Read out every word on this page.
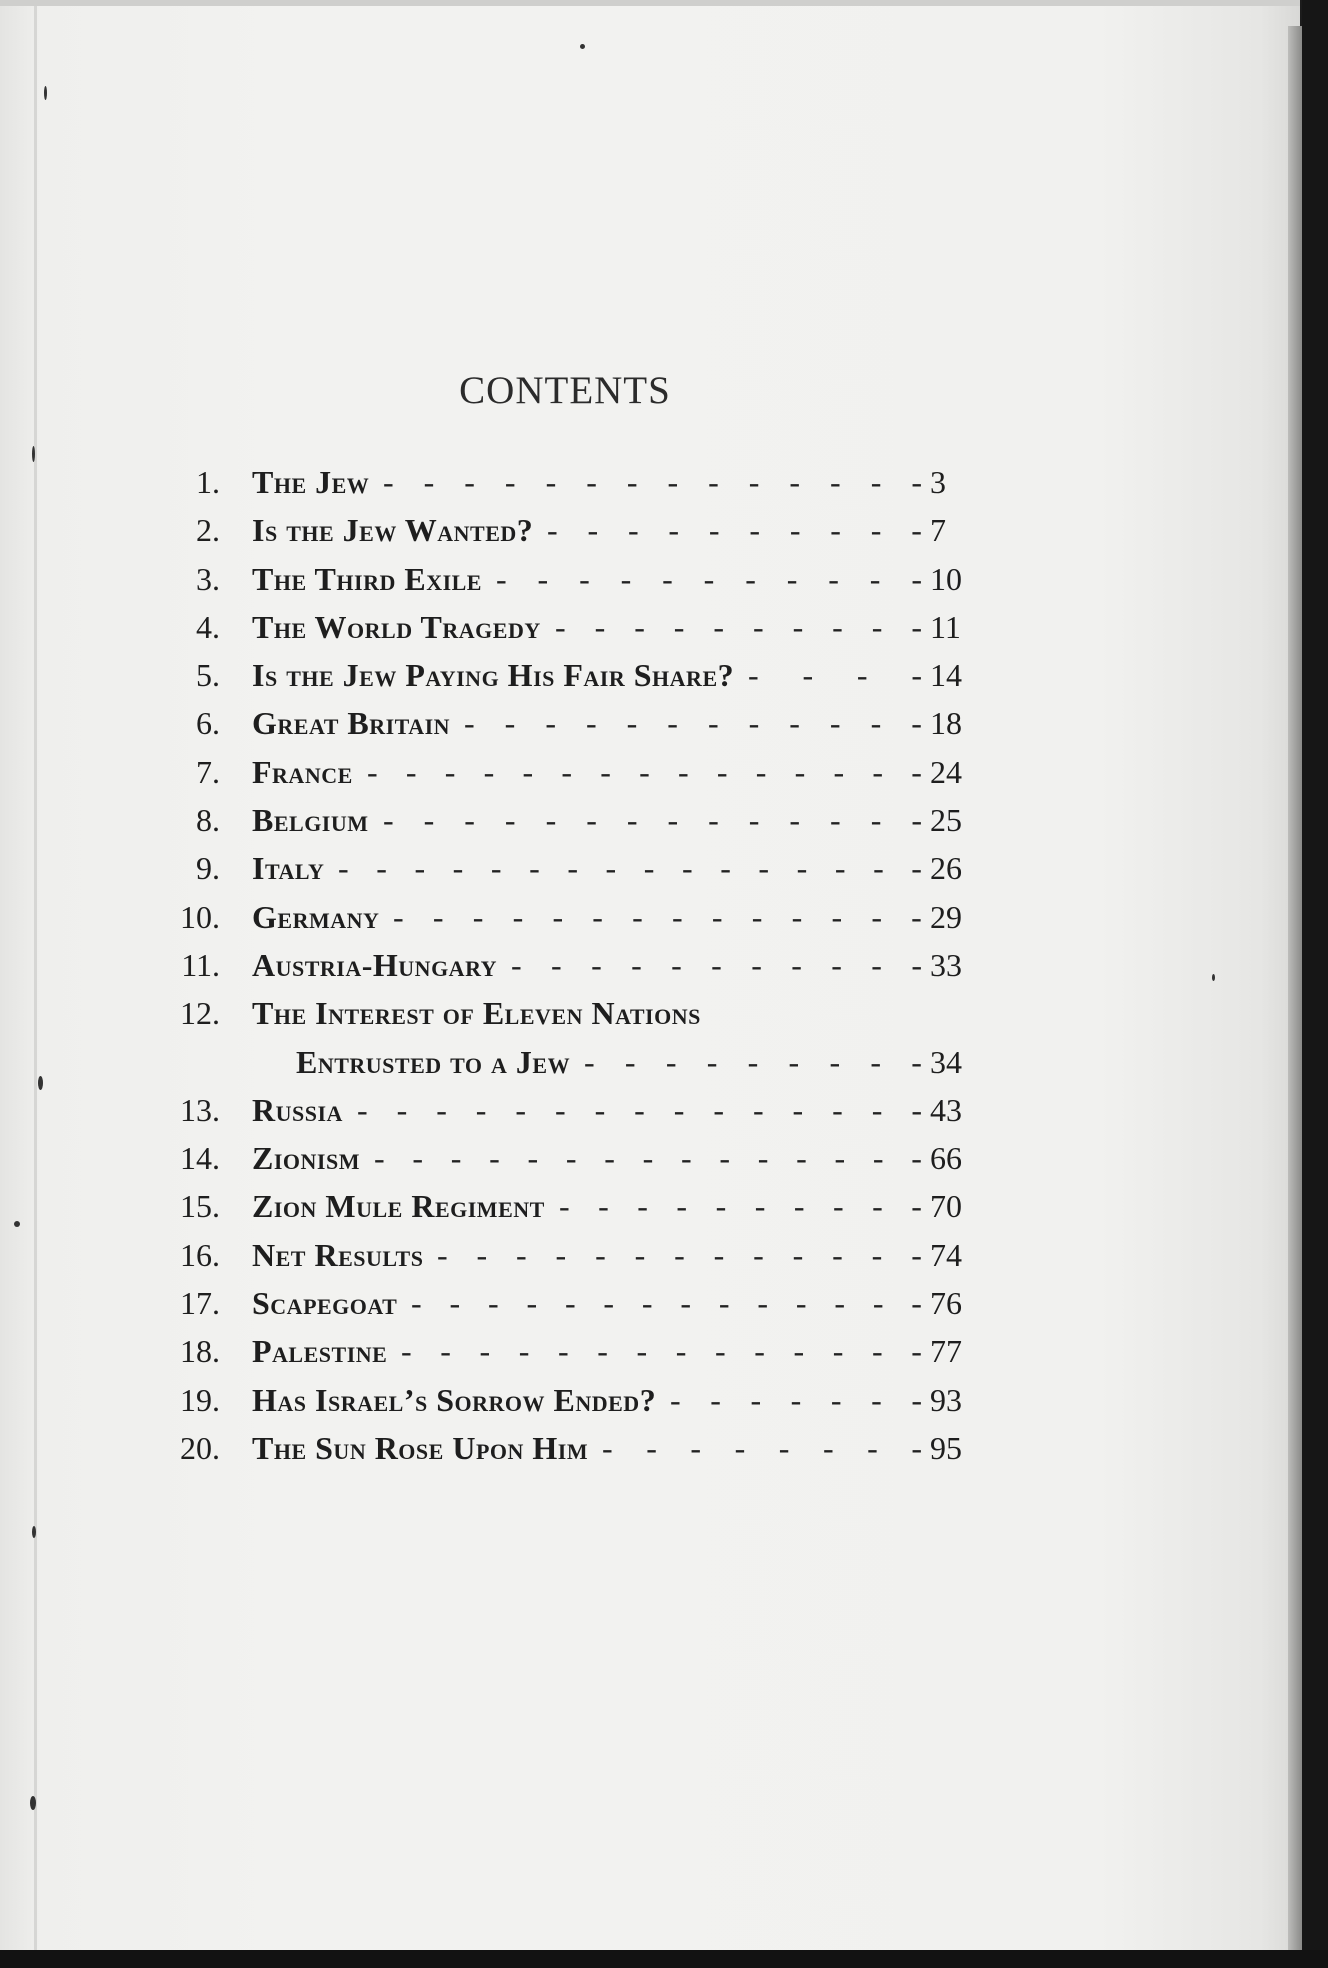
CONTENTS
1. The Jew - - - - - - - - - - - - - - 3
2. Is the Jew Wanted? - - - - - - - - - - 7
3. The Third Exile - - - - - - - - - - - 10
4. The World Tragedy - - - - - - - - - - 11
5. Is the Jew Paying His Fair Share? - - - - 14
6. Great Britain - - - - - - - - - - - - 18
7. France - - - - - - - - - - - - - - - 24
8. Belgium - - - - - - - - - - - - - - 25
9. Italy - - - - - - - - - - - - - - - - 26
10. Germany - - - - - - - - - - - - - - 29
11. Austria-Hungary - - - - - - - - - - - 33
12. The Interest of Eleven Nations
Entrusted to a Jew - - - - - - - - - 34
13. Russia - - - - - - - - - - - - - - - 43
14. Zionism - - - - - - - - - - - - - - - 66
15. Zion Mule Regiment - - - - - - - - - - 70
16. Net Results - - - - - - - - - - - - - 74
17. Scapegoat - - - - - - - - - - - - - - 76
18. Palestine - - - - - - - - - - - - - - 77
19. Has Israel’s Sorrow Ended? - - - - - - - 93
20. The Sun Rose Upon Him - - - - - - - - 95
